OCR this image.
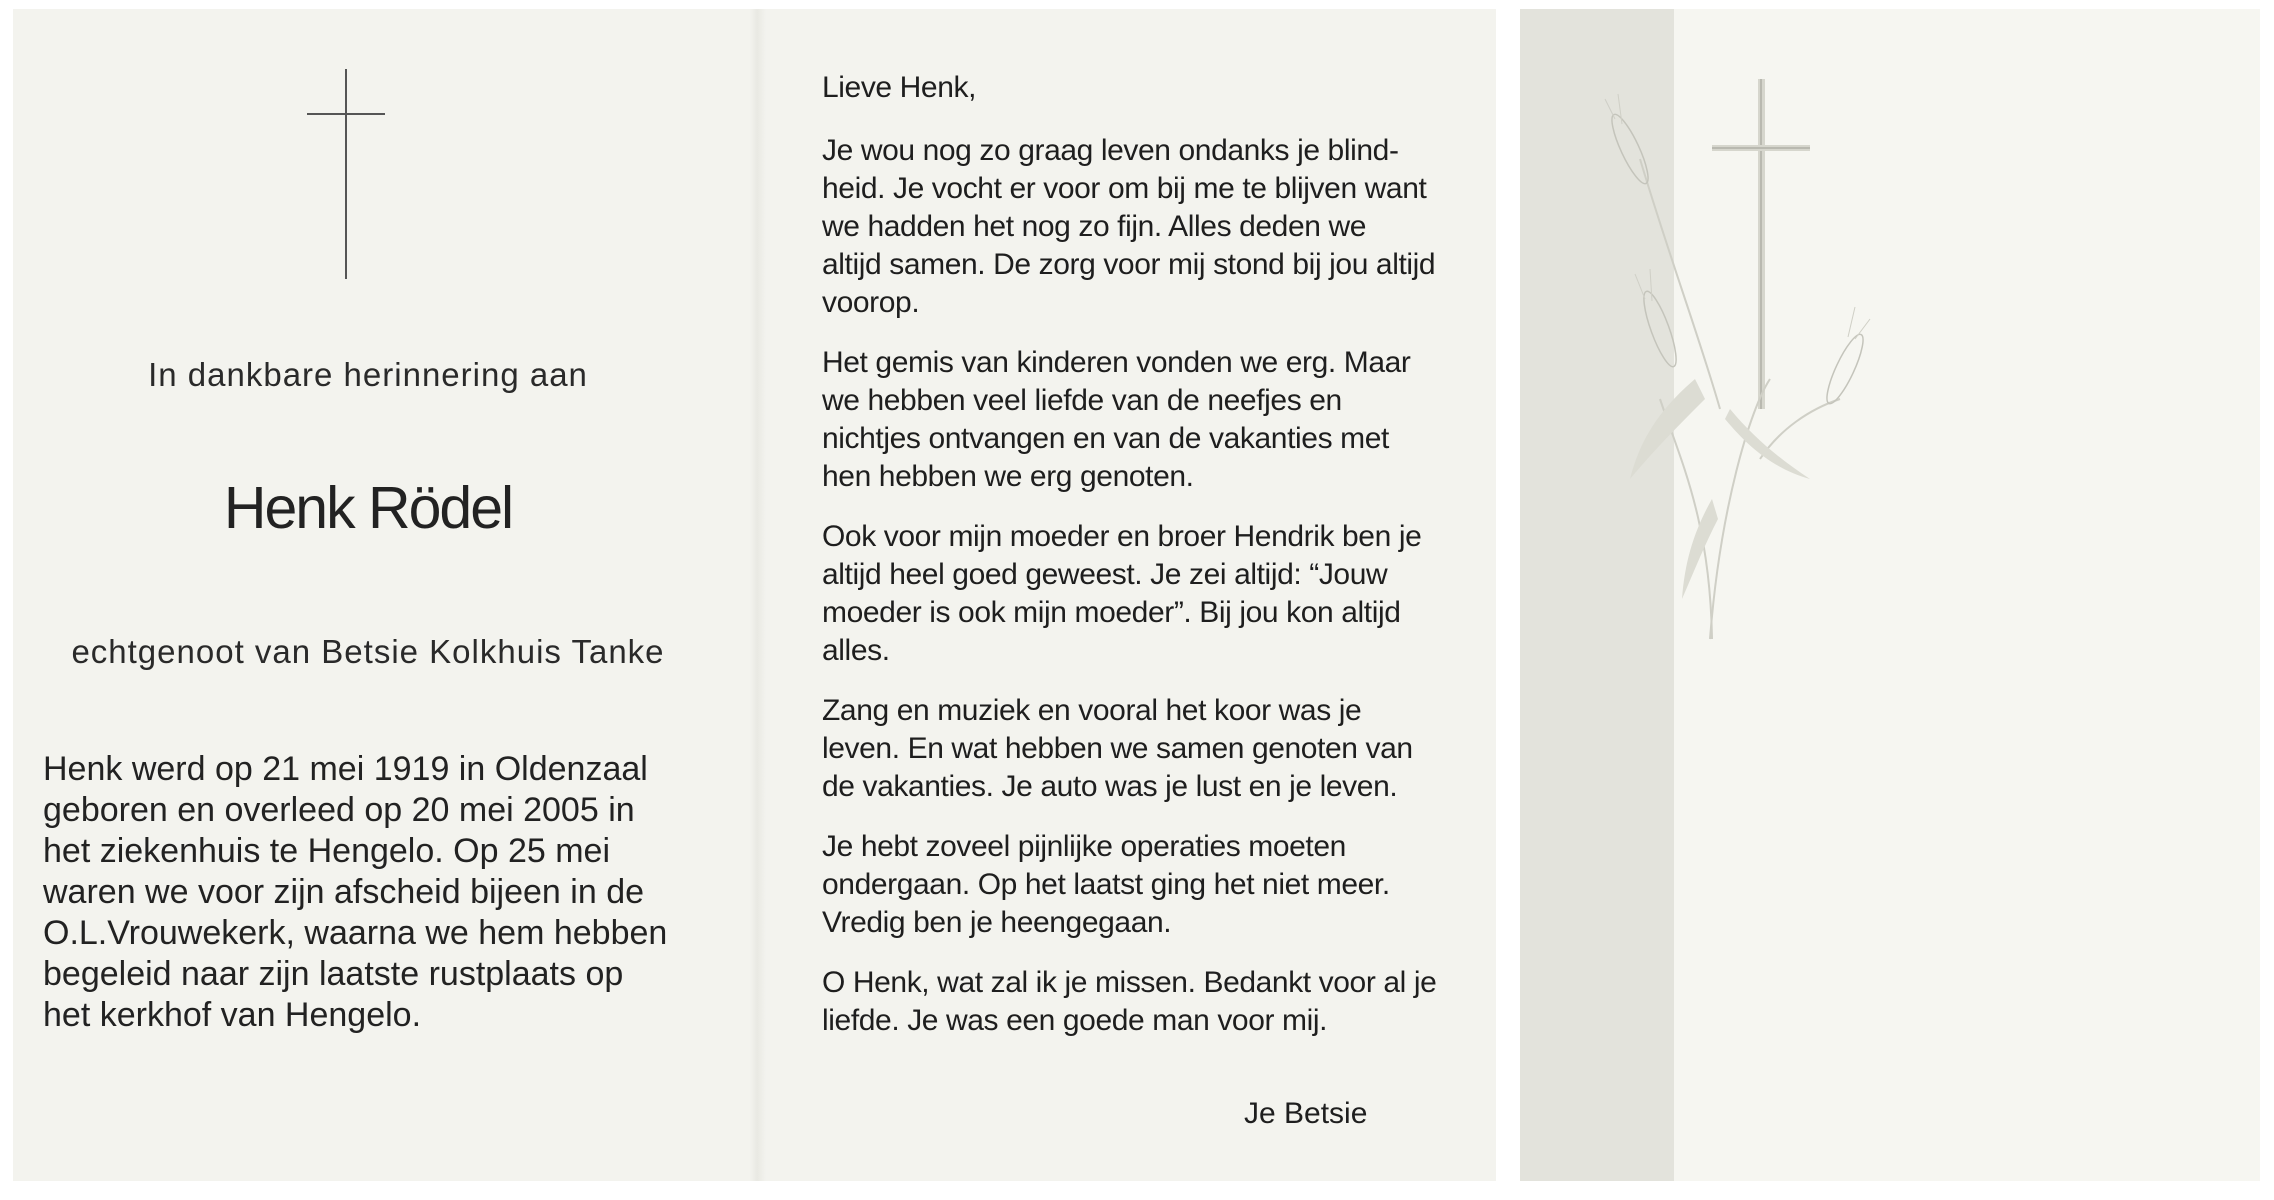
In dankbare herinnering aan
Henk Rödel
echtgenoot van Betsie Kolkhuis Tanke
Henk werd op 21 mei 1919 in Oldenzaal
geboren en overleed op 20 mei 2005 in
het ziekenhuis te Hengelo. Op 25 mei
waren we voor zijn afscheid bijeen in de
O.L.Vrouwekerk, waarna we hem hebben
begeleid naar zijn laatste rustplaats op
het kerkhof van Hengelo.
Lieve Henk,
Je wou nog zo graag leven ondanks je blind-
heid. Je vocht er voor om bij me te blijven want
we hadden het nog zo fijn. Alles deden we
altijd samen. De zorg voor mij stond bij jou altijd
voorop.
Het gemis van kinderen vonden we erg. Maar
we hebben veel liefde van de neefjes en
nichtjes ontvangen en van de vakanties met
hen hebben we erg genoten.
Ook voor mijn moeder en broer Hendrik ben je
altijd heel goed geweest. Je zei altijd: “Jouw
moeder is ook mijn moeder”. Bij jou kon altijd
alles.
Zang en muziek en vooral het koor was je
leven. En wat hebben we samen genoten van
de vakanties. Je auto was je lust en je leven.
Je hebt zoveel pijnlijke operaties moeten
ondergaan. Op het laatst ging het niet meer.
Vredig ben je heengegaan.
O Henk, wat zal ik je missen. Bedankt voor al je
liefde. Je was een goede man voor mij.
Je Betsie
